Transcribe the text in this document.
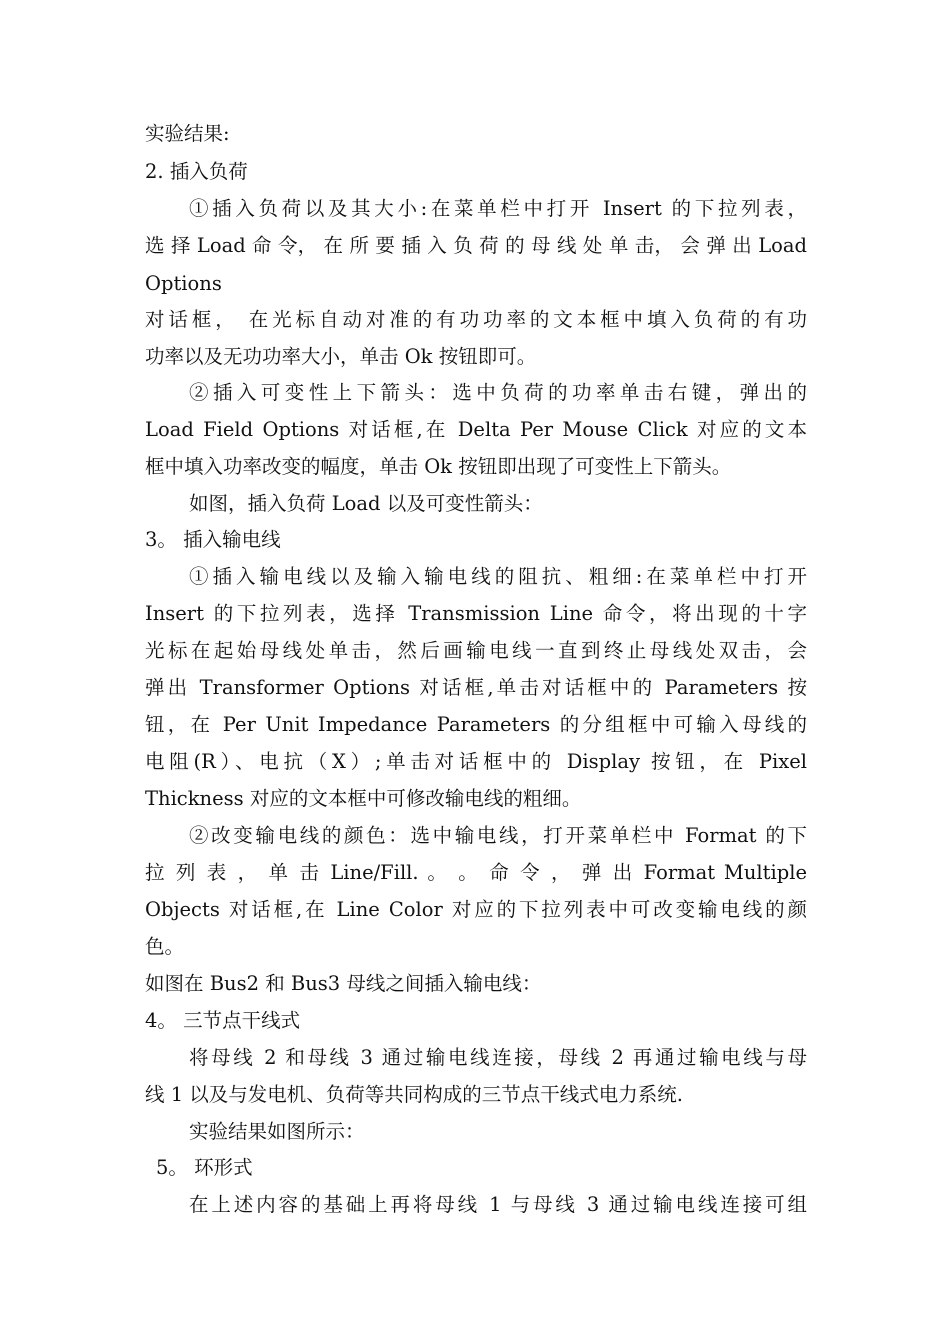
实验结果:
2. 插入负荷
①插入负荷以及其大小:在菜单栏中打开 Insert 的下拉列表，
选 择 Load 命 令， 在 所 要 插 入 负 荷 的 母 线 处 单 击， 会 弹 出 Load
Options
对话框， 在光标自动对准的有功功率的文本框中填入负荷的有功
功率以及无功功率大小，单击 Ok 按钮即可。
②插入可变性上下箭头：选中负荷的功率单击右键，弹出的
Load Field Options 对话框,在 Delta Per Mouse Click 对应的文本
框中填入功率改变的幅度，单击 Ok 按钮即出现了可变性上下箭头。
如图，插入负荷 Load 以及可变性箭头：
3。 插入输电线
①插入输电线以及输入输电线的阻抗、粗细:在菜单栏中打开
Insert 的下拉列表，选择 Transmission Line 命令，将出现的十字
光标在起始母线处单击，然后画输电线一直到终止母线处双击，会
弹出 Transformer Options 对话框,单击对话框中的 Parameters 按
钮，在 Per Unit Impedance Parameters 的分组框中可输入母线的
电阻(R）、电抗（X）;单击对话框中的 Display 按钮，在 Pixel
Thickness 对应的文本框中可修改输电线的粗细。
②改变输电线的颜色：选中输电线，打开菜单栏中 Format 的下
拉 列 表 ， 单 击 Line/Fill. 。 。 命 令 ， 弹 出 Format Multiple
Objects 对话框,在 Line Color 对应的下拉列表中可改变输电线的颜
色。
如图在 Bus2 和 Bus3 母线之间插入输电线：
4。 三节点干线式
将母线 2 和母线 3 通过输电线连接，母线 2 再通过输电线与母
线 1 以及与发电机、负荷等共同构成的三节点干线式电力系统.
实验结果如图所示：
5。 环形式
在上述内容的基础上再将母线 1 与母线 3 通过输电线连接可组
